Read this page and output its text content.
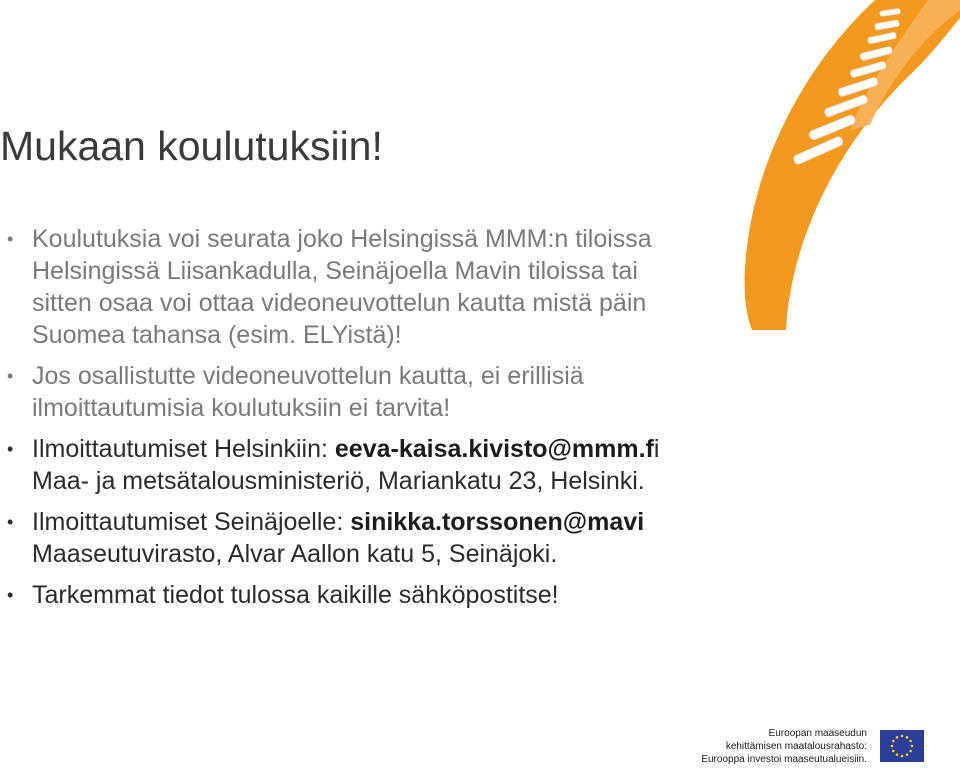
Mukaan koulutuksiin!
• Koulutuksia voi seurata joko Helsingissä MMM:n tiloissa
Helsingissä Liisankadulla, Seinäjoella Mavin tiloissa tai
sitten osaa voi ottaa videoneuvottelun kautta mistä päin
Suomea tahansa (esim. ELYistä)!
• Jos osallistutte videoneuvottelun kautta, ei erillisiä
ilmoittautumisia koulutuksiin ei tarvita!
• Ilmoittautumiset Helsinkiin: eeva-kaisa.kivisto@mmm.fi
Maa- ja metsätalousministeriö, Mariankatu 23, Helsinki.
• Ilmoittautumiset Seinäjoelle: sinikka.torssonen@mavi
Maaseutuvirasto, Alvar Aallon katu 5, Seinäjoki.
• Tarkemmat tiedot tulossa kaikille sähköpostitse!
Euroopan maaseudun
kehittämisen maatalousrahasto:
Eurooppa investoi maaseutualueisiin.
